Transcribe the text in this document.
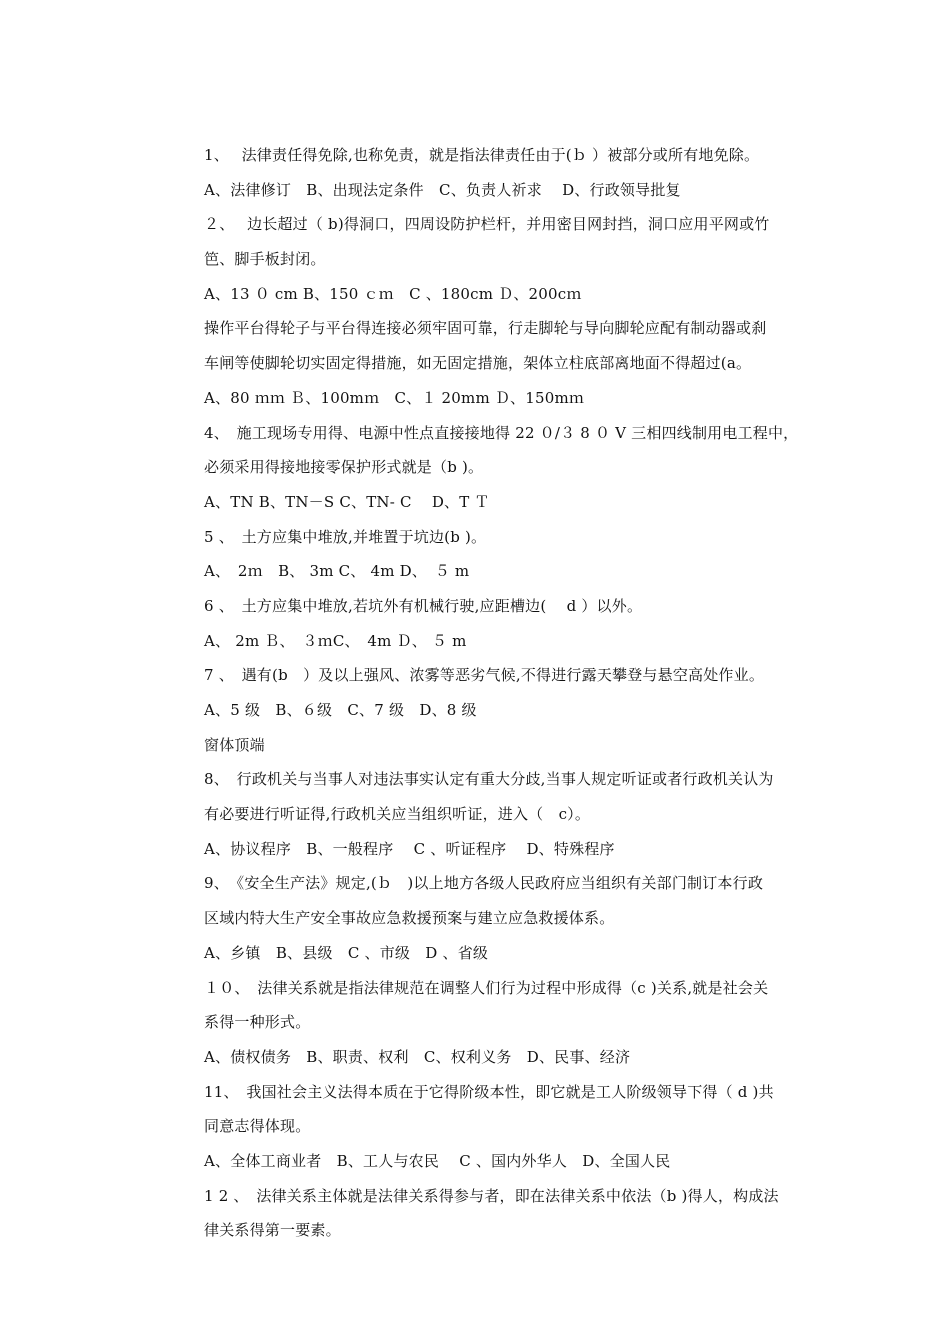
1、　 法律责任得免除,也称免责，就是指法律责任由于(ｂ ）被部分或所有地免除。
A、法律修订　B、出现法定条件　C、负责人祈求　 D、行政领导批复
２、　 边长超过（ b)得洞口，四周设防护栏杆，并用密目网封挡，洞口应用平网或竹
笆、脚手板封闭。
A、13 ０ cm B、150 ｃｍ　C 、180cm Ｄ、200cｍ
操作平台得轮子与平台得连接必须牢固可靠，行走脚轮与导向脚轮应配有制动器或刹
车闸等使脚轮切实固定得措施，如无固定措施，架体立柱底部离地面不得超过(a。
A、80 ｍｍ Ｂ、100mｍ　C、１ 20mm Ｄ、150mｍ
4、　施工现场专用得、电源中性点直接接地得 22 ０/３ 8 ０ V 三相四线制用电工程中，
必须采用得接地接零保护形式就是（b )。
A、TN B、TN－S C、TN- C　 D、T Ｔ
5 、　土方应集中堆放,并堆置于坑边(b )。
A、　2ｍ　B、 3m C、 4m D、　５ m
6 、　土方应集中堆放,若坑外有机械行驶,应距槽边(　 d ）以外。
A、 2m Ｂ、　３ｍC、　4m Ｄ、 ５ m
7 、　遇有(b　）及以上强风、浓雾等恶劣气候,不得进行露天攀登与悬空高处作业。
A、5 级　B、６级　C、7 级　D、8 级
窗体顶端
8、　行政机关与当事人对违法事实认定有重大分歧,当事人规定听证或者行政机关认为
有必要进行听证得,行政机关应当组织听证，进入（　c）。
A、协议程序　B、一般程序　 C 、听证程序　 D、特殊程序
9、　《安全生产法》规定,(ｂ　)以上地方各级人民政府应当组织有关部门制订本行政
区域内特大生产安全事故应急救援预案与建立应急救援体系。
A、乡镇　B、县级　C 、市级　D 、省级
１０、　法律关系就是指法律规范在调整人们行为过程中形成得（c )关系,就是社会关
系得一种形式。
A、债权债务　B、职责、权利　C、权利义务　D、民事、经济
11、　我国社会主义法得本质在于它得阶级本性，即它就是工人阶级领导下得（ d )共
同意志得体现。
A、全体工商业者　B、工人与农民　 C 、国内外华人　D、全国人民
1 2 、　法律关系主体就是法律关系得参与者，即在法律关系中依法（b )得人，构成法
律关系得第一要素。
